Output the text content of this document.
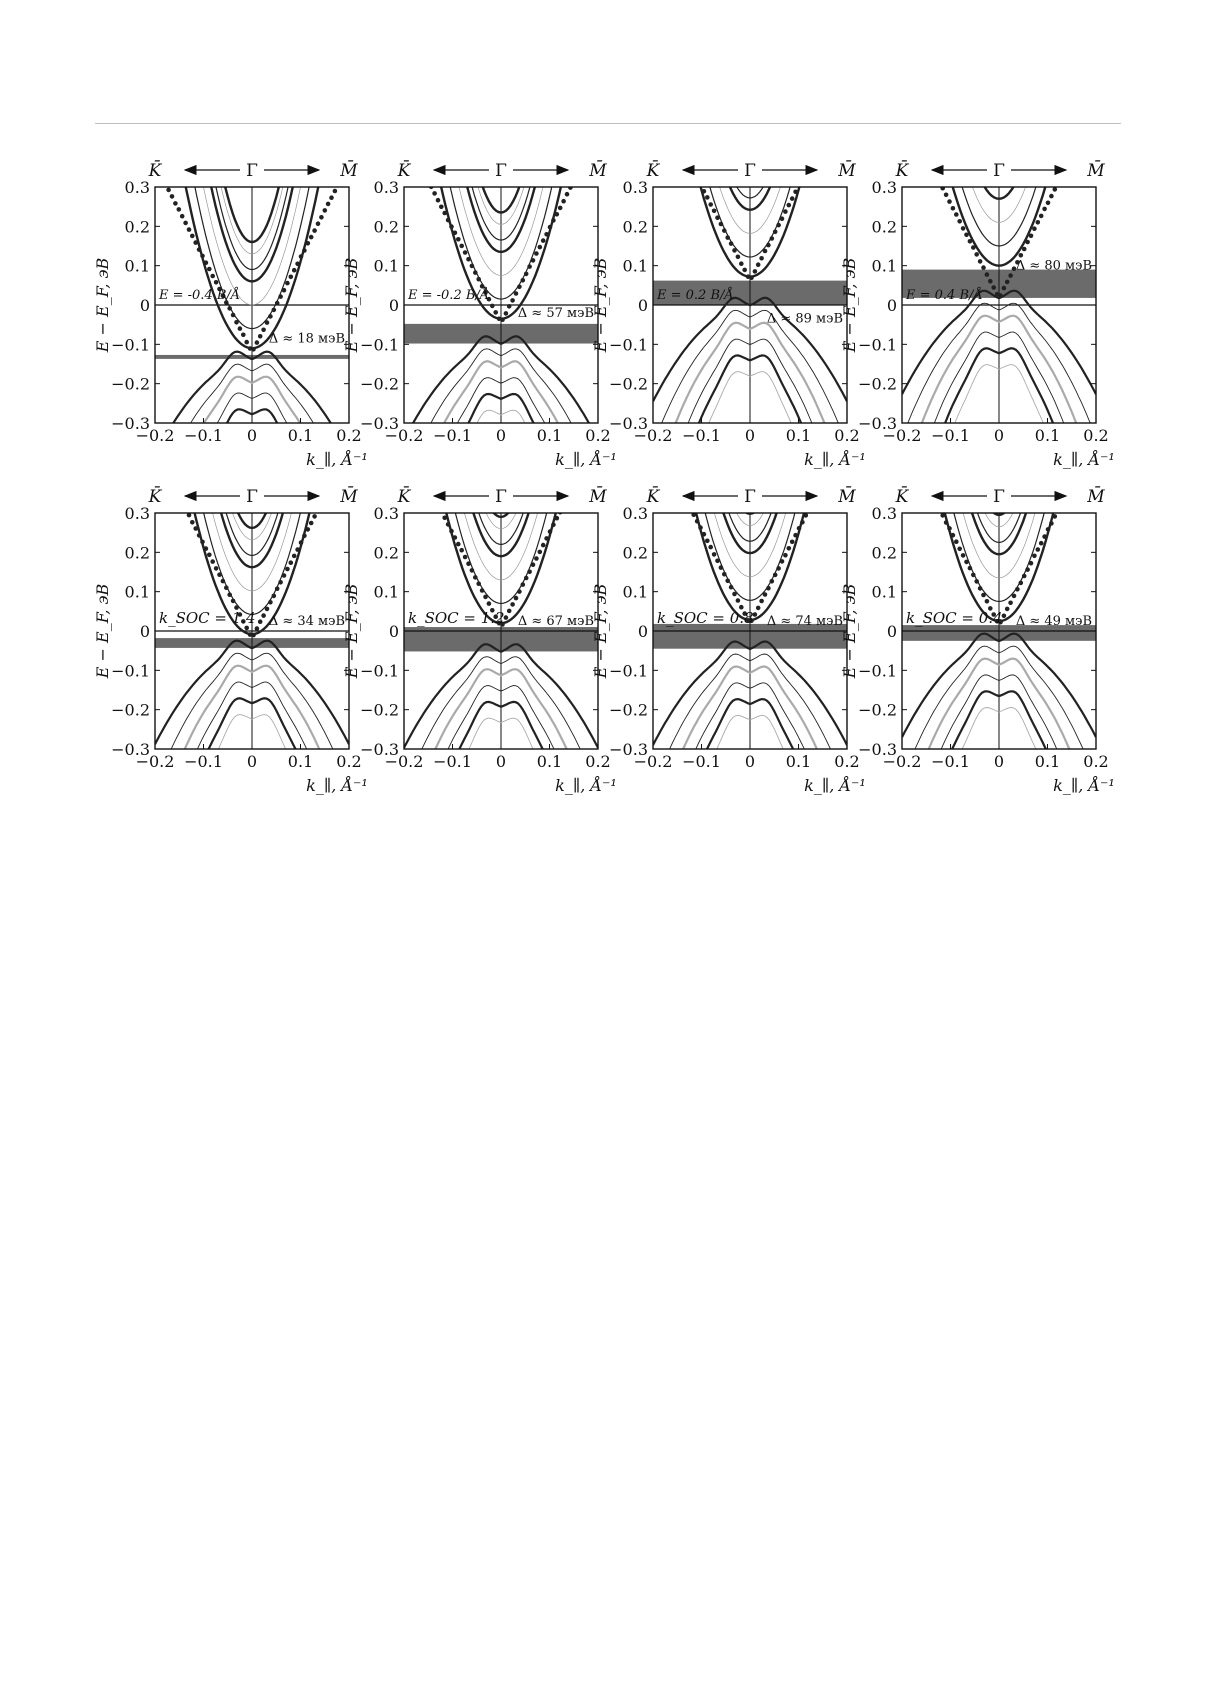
0.3
0.2
0.1
0
−0.1
−0.2
−0.3
−0.2 −0.1 0 0.1 0.2
E − E_F, эВ
k_∥, Å⁻¹
K̄	M̄
Γ
E = -0.4 В/Å
Δ ≈ 18 мэВ
0.3
0.2
0.1
0
−0.1
−0.2
−0.3
−0.2 −0.1 0 0.1 0.2
E − E_F, эВ
k_∥, Å⁻¹
K̄	M̄
Γ
E = -0.2 В/Å
Δ ≈ 57 мэВ
0.3
0.2
0.1
0
−0.1
−0.2
−0.3
−0.2 −0.1 0 0.1 0.2
E − E_F, эВ
k_∥, Å⁻¹
K̄	M̄
Γ
E = 0.2 В/Å
Δ ≈ 89 мэВ
0.3
0.2
0.1
0
−0.1
−0.2
−0.3
−0.2 −0.1 0 0.1 0.2
E − E_F, эВ
k_∥, Å⁻¹
K̄	M̄
Γ
E = 0.4 В/Å
Δ ≈ 80 мэВ
0.3
0.2
0.1
0
−0.1
−0.2
−0.3
−0.2 −0.1 0 0.1 0.2
E − E_F, эВ
k_∥, Å⁻¹
K̄	M̄
Γ
k_SOC = 1.4 Δ ≈ 34 мэВ
0.3
0.2
0.1
0
−0.1
−0.2
−0.3
−0.2 −0.1 0 0.1 0.2
E − E_F, эВ
k_∥, Å⁻¹
K̄	M̄
Γ
k_SOC = 1.2 Δ ≈ 67 мэВ
0.3
0.2
0.1
0
−0.1
−0.2
−0.3
−0.2 −0.1 0 0.1 0.2
E − E_F, эВ
k_∥, Å⁻¹
K̄	M̄
Γ
k_SOC = 0.8 Δ ≈ 74 мэВ
0.3
0.2
0.1
0
−0.1
−0.2
−0.3
−0.2 −0.1 0 0.1 0.2
E − E_F, эВ
k_∥, Å⁻¹
K̄	M̄
Γ
k_SOC = 0.4 Δ ≈ 49 мэВ
